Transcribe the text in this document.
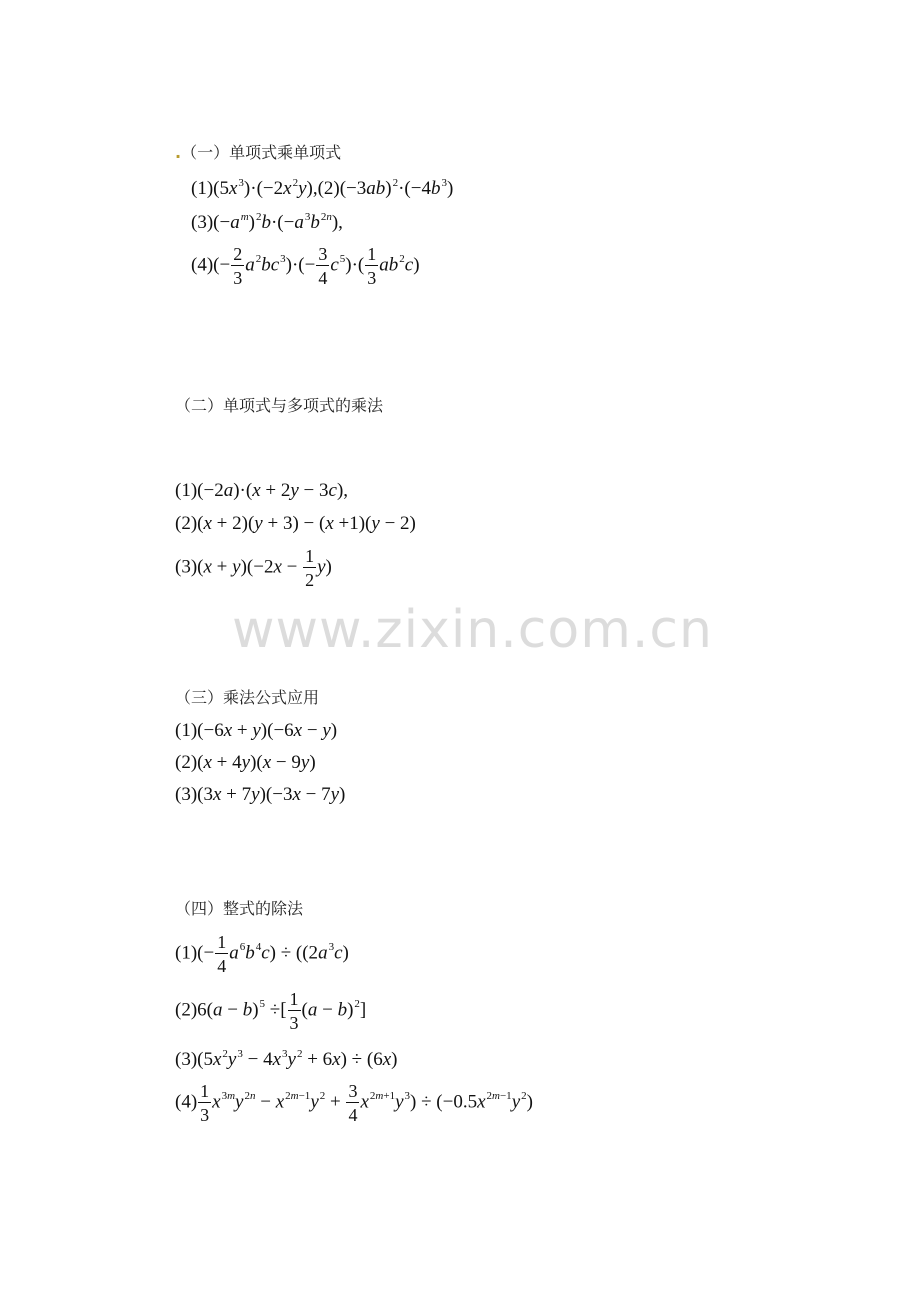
.（一）单项式乘单项式
$(1)(5x^3)\cdot(-2x^2y),(2)(-3ab)^2\cdot(-4b^3)$
$(3)(-a^m)^2b\cdot(-a^3b^{2n})$,
$(4)(- \frac{2}{3} a^2bc^3)\cdot(- \frac{3}{4} c^5)\cdot( \frac{1}{3} ab^2c)$
（二）单项式与多项式的乘法
(1)(−2a)·(x + 2y − 3c),
(2)(x + 2)(y + 3) − (x +1)(y − 2)
$(3)(x + y)(-2x - \frac{1}{2} y)$
www.zixin.com.cn
（三）乘法公式应用
(1)(−6x + y)(−6x − y)
(2)(x + 4y)(x − 9y)
(3)(3x + 7y)(−3x − 7y)
（四）整式的除法
$(1)(- \frac{1}{4} a^6b^4c) \div ((2a^3c)$
$(2)6(a - b)^5$ ÷[ $\frac{1}{3} (a - b)^2$]
$(3)(5x^2y^3 - 4x^3y^2 + 6x) \div (6x)$
$(4) \frac{1}{3} x^{3m}y^{2n} - x^{2m-1}y^2 + \frac{3}{4} x^{2m+1}y^3) \div (-0.5x^{2m-1}y^2)$
